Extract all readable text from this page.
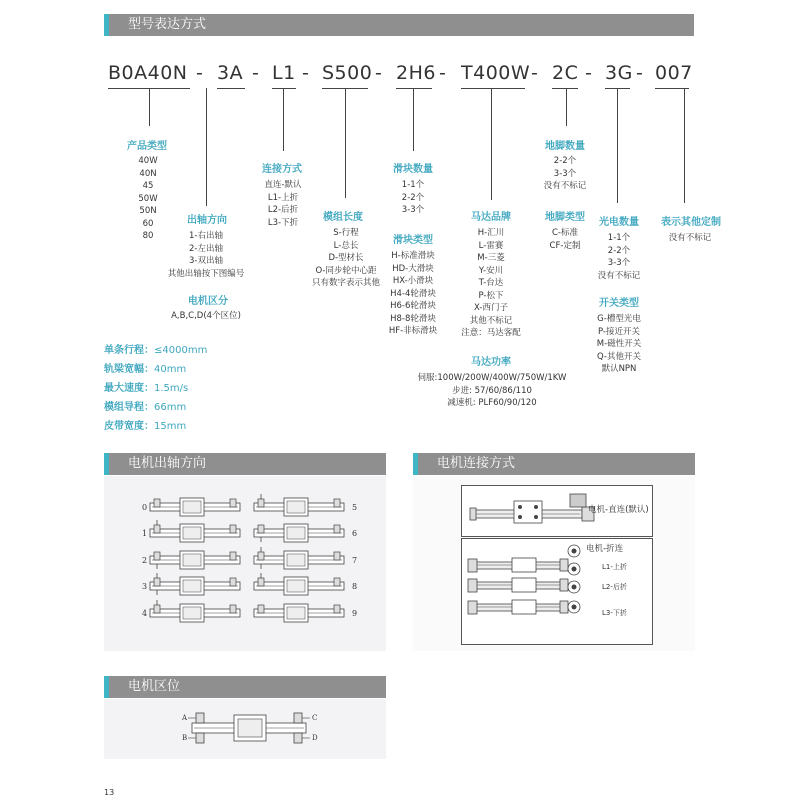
型号表达方式
B0A40N - 3A - L1 - S500 - 2H6 - T400W - 2C - 3G - 007
产品类型
40W
40N
45
50W
50N
60
80
出轴方向
1-右出轴
2-左出轴
3-双出轴
其他出轴按下图编号
电机区分
A,B,C,D(4个区位)
连接方式
直连-默认
L1-上折
L2-后折
L3-下折	模组长度
S-行程
L-总长
D-型材长
O-同步轮中心距
只有数字表示其他
滑块数量
1-1个
2-2个
3-3个
滑块类型
H-标准滑块
HD-大滑块
HX-小滑块
H4-4轮滑块
H6-6轮滑块
H8-8轮滑块
HF-非标滑块
马达品牌
H-汇川
L-雷赛
M-三菱
Y-安川
T-台达
P-松下
X-西门子
其他不标记
注意：马达客配
马达功率
伺服:100W/200W/400W/750W/1KW
步进: 57/60/86/110
减速机: PLF60/90/120
地脚数量
2-2个
3-3个
没有不标记
地脚类型
C-标准
CF-定制
光电数量
1-1个
2-2个
3-3个
没有不标记
开关类型
G-槽型光电
P-接近开关
M-磁性开关
Q-其他开关
默认NPN
表示其他定制
没有不标记
单条行程：≤4000mm
轨梁宽幅：40mm
最大速度：1.5m/s
模组导程：66mm
皮带宽度：15mm
电机出轴方向
0	5
1	6
2	7
3	8
4	9
电机连接方式
电机-直连(默认)
电机-折连
L1-上折
L2-后折
L3-下折
电机区位
A
B
C
D
13
